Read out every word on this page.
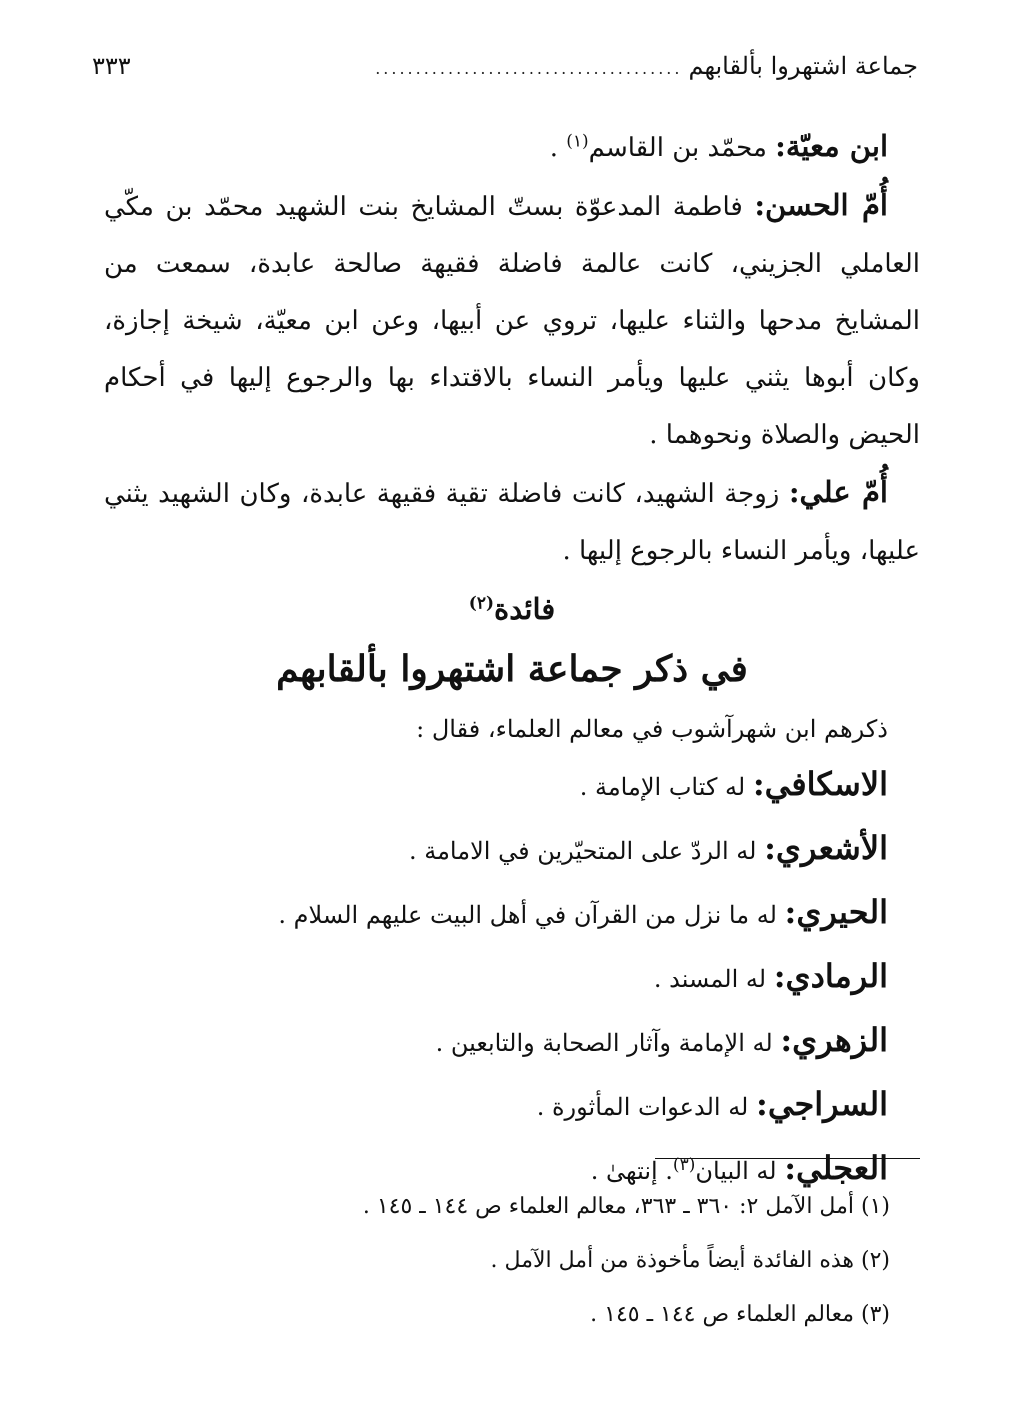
جماعة اشتهروا بألقابهم
......................................
٣٣٣

ابن معيّة: محمّد بن القاسم$^{(١)}$ .

أُمّ الحسن: فاطمة المدعوّة بستّ المشايخ بنت الشهيد محمّد بن مكّي العاملي الجزيني، كانت عالمة فاضلة فقيهة صالحة عابدة، سمعت من المشايخ مدحها والثناء عليها، تروي عن أبيها، وعن ابن معيّة، شيخة إجازة، وكان أبوها يثني عليها ويأمر النساء بالاقتداء بها والرجوع إليها في أحكام الحيض والصلاة ونحوهما .

أُمّ علي: زوجة الشهيد، كانت فاضلة تقية فقيهة عابدة، وكان الشهيد يثني عليها، ويأمر النساء بالرجوع إليها .

فائدة$^{(٢)}$

في ذكر جماعة اشتهروا بألقابهم

ذكرهم ابن شهرآشوب في معالم العلماء، فقال :
الاسكافي: له كتاب الإمامة .
الأشعري: له الردّ على المتحيّرين في الامامة .
الحيري: له ما نزل من القرآن في أهل البيت عليهم السلام .
الرمادي: له المسند .
الزهري: له الإمامة وآثار الصحابة والتابعين .
السراجي: له الدعوات المأثورة .
العجلي: له البيان$^{(٣)}$. إنتهىٰ .

(١) أمل الآمل ٢: ٣٦٠ ـ ٣٦٣، معالم العلماء ص ١٤٤ ـ ١٤٥ .

(٢) هذه الفائدة أيضاً مأخوذة من أمل الآمل .

(٣) معالم العلماء ص ١٤٤ ـ ١٤٥ .
